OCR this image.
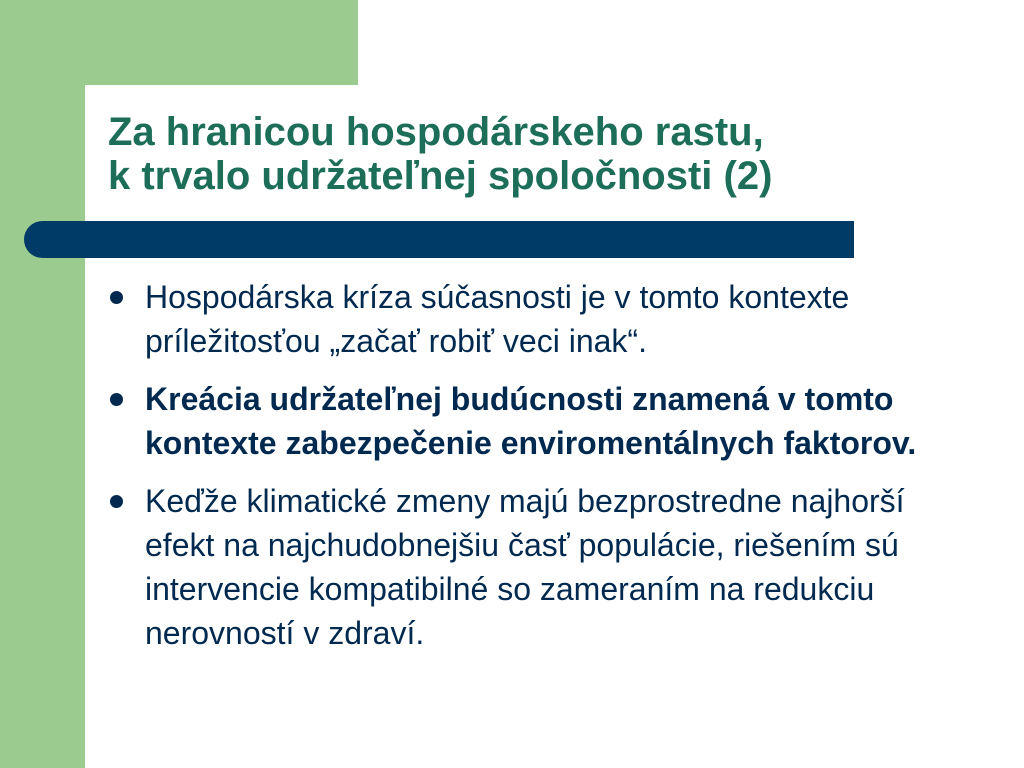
Za hranicou hospodárskeho rastu,
k trvalo udržateľnej spoločnosti (2)
Hospodárska kríza súčasnosti je v tomto kontexte príležitosťou „začať robiť veci inak“.
Kreácia udržateľnej budúcnosti znamená v tomto kontexte zabezpečenie enviromentálnych faktorov.
Keďže klimatické zmeny majú bezprostredne najhorší efekt na najchudobnejšiu časť populácie, riešením sú intervencie kompatibilné so zameraním na redukciu nerovností v zdraví.
